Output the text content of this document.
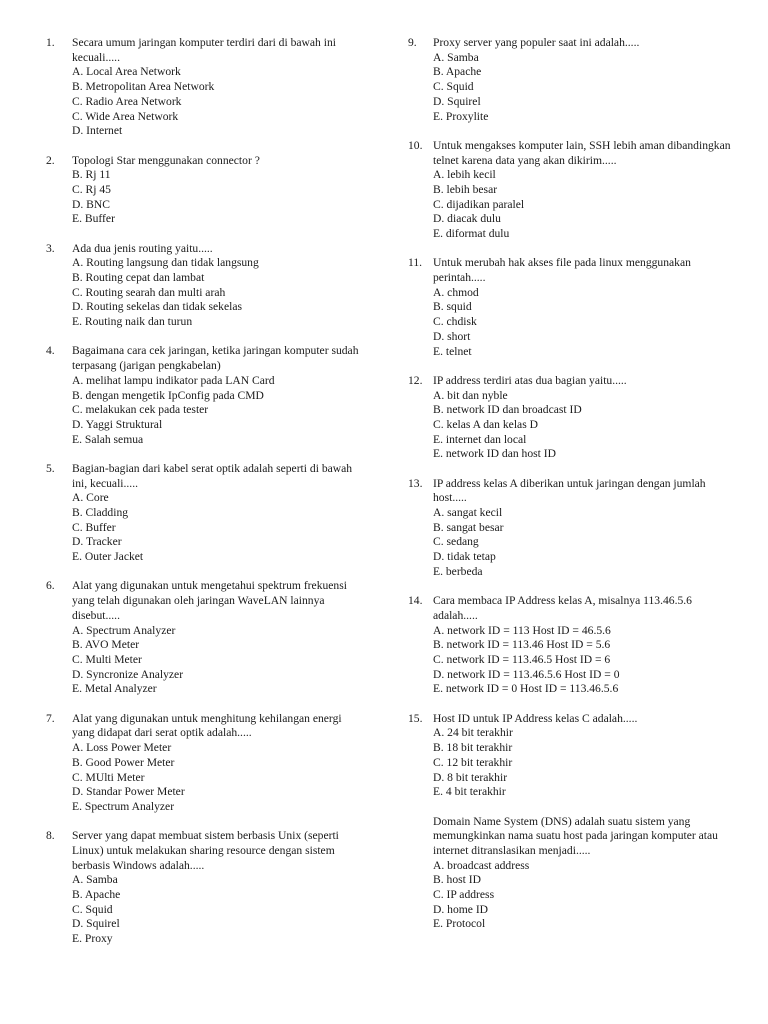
1. Secara umum jaringan komputer terdiri dari di bawah ini kecuali.....
A. Local Area Network
B. Metropolitan Area Network
C. Radio Area Network
C. Wide Area Network
D. Internet
2. Topologi Star menggunakan connector ?
B. Rj 11
C. Rj 45
D. BNC
E. Buffer
3. Ada dua jenis routing yaitu.....
A. Routing langsung dan tidak langsung
B. Routing cepat dan lambat
C. Routing searah dan multi arah
D. Routing sekelas dan tidak sekelas
E. Routing naik dan turun
4. Bagaimana cara cek jaringan, ketika jaringan komputer sudah terpasang (jarigan pengkabelan)
A. melihat lampu indikator pada LAN Card
B. dengan mengetik IpConfig pada CMD
C. melakukan cek pada tester
D. Yaggi Struktural
E. Salah semua
5. Bagian-bagian dari kabel serat optik adalah seperti di bawah ini, kecuali.....
A. Core
B. Cladding
C. Buffer
D. Tracker
E. Outer Jacket
6. Alat yang digunakan untuk mengetahui spektrum frekuensi yang telah digunakan oleh jaringan WaveLAN lainnya disebut.....
A. Spectrum Analyzer
B. AVO Meter
C. Multi Meter
D. Syncronize Analyzer
E. Metal Analyzer
7. Alat yang digunakan untuk menghitung kehilangan energi yang didapat dari serat optik adalah.....
A. Loss Power Meter
B. Good Power Meter
C. MUlti Meter
D. Standar Power Meter
E. Spectrum Analyzer
8. Server yang dapat membuat sistem berbasis Unix (seperti Linux) untuk melakukan sharing resource dengan sistem berbasis Windows adalah.....
A. Samba
B. Apache
C. Squid
D. Squirel
E. Proxy
9. Proxy server yang populer saat ini adalah.....
A. Samba
B. Apache
C. Squid
D. Squirel
E. Proxylite
10. Untuk mengakses komputer lain, SSH lebih aman dibandingkan telnet karena data yang akan dikirim.....
A. lebih kecil
B. lebih besar
C. dijadikan paralel
D. diacak dulu
E. diformat dulu
11. Untuk merubah hak akses file pada linux menggunakan perintah.....
A. chmod
B. squid
C. chdisk
D. short
E. telnet
12. IP address terdiri atas dua bagian yaitu.....
A. bit dan nyble
B. network ID dan broadcast ID
C. kelas A dan kelas D
E. internet dan local
E. network ID dan host ID
13. IP address kelas A diberikan untuk jaringan dengan jumlah host.....
A. sangat kecil
B. sangat besar
C. sedang
D. tidak tetap
E. berbeda
14. Cara membaca IP Address kelas A, misalnya 113.46.5.6 adalah.....
A. network ID = 113 Host ID = 46.5.6
B. network ID = 113.46 Host ID = 5.6
C. network ID = 113.46.5 Host ID = 6
D. network ID = 113.46.5.6 Host ID = 0
E. network ID = 0 Host ID = 113.46.5.6
15. Host ID untuk IP Address kelas C adalah.....
A. 24 bit terakhir
B. 18 bit terakhir
C. 12 bit terakhir
D. 8 bit terakhir
E. 4 bit terakhir
Domain Name System (DNS) adalah suatu sistem yang memungkinkan nama suatu host pada jaringan komputer atau internet ditranslasikan menjadi.....
A. broadcast address
B. host ID
C. IP address
D. home ID
E. Protocol
